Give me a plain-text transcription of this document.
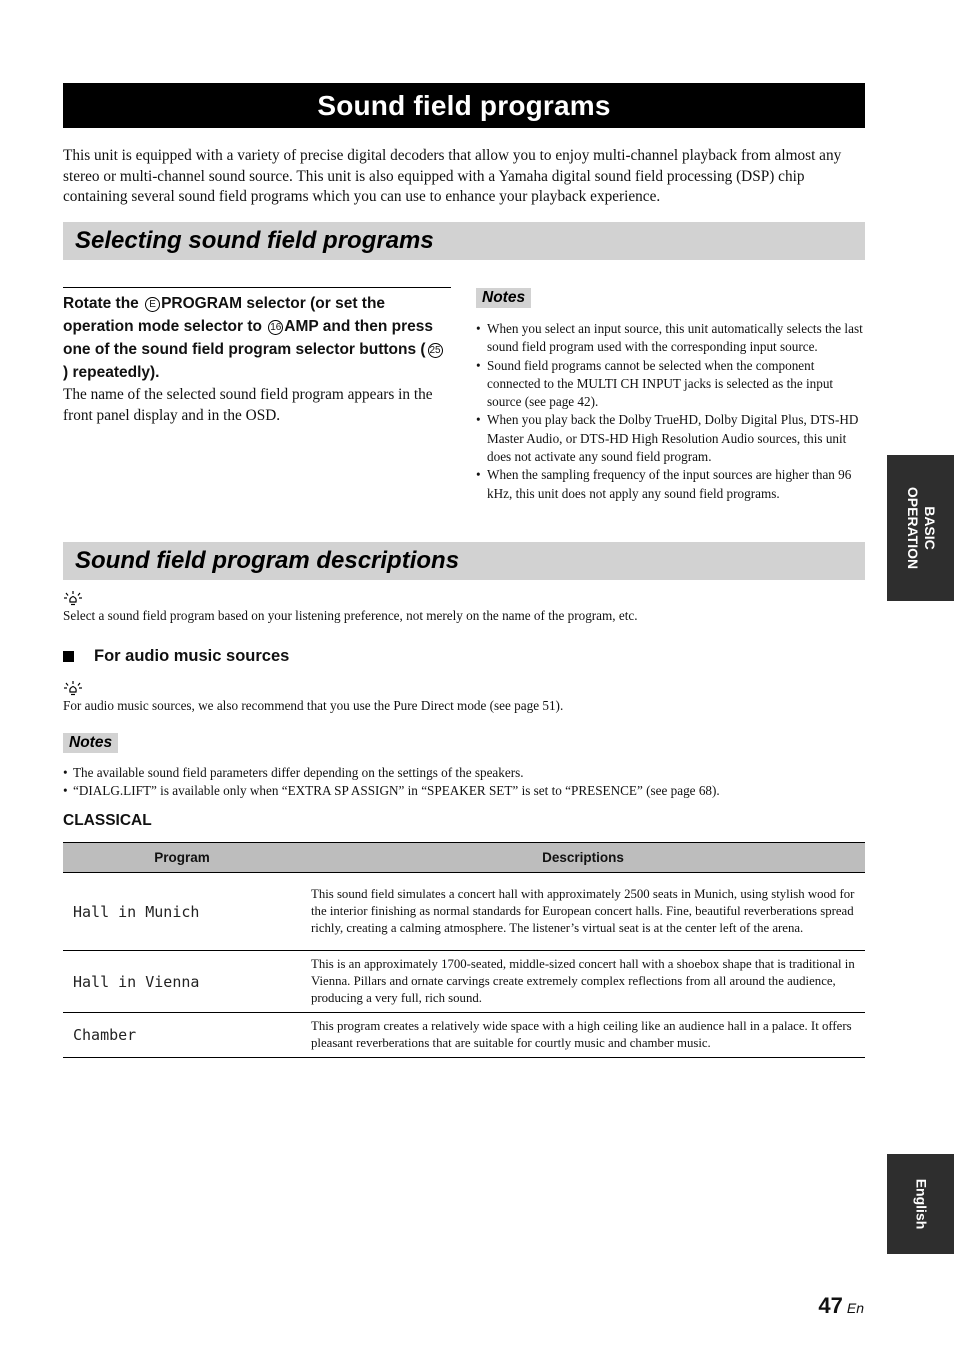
Sound field programs
This unit is equipped with a variety of precise digital decoders that allow you to enjoy multi-channel playback from almost any stereo or multi-channel sound source. This unit is also equipped with a Yamaha digital sound field processing (DSP) chip containing several sound field programs which you can use to enhance your playback experience.
Selecting sound field programs
Rotate the E PROGRAM selector (or set the operation mode selector to 16 AMP and then press one of the sound field program selector buttons ( 25) repeatedly).
The name of the selected sound field program appears in the front panel display and in the OSD.
Notes
• When you select an input source, this unit automatically selects the last sound field program used with the corresponding input source.
• Sound field programs cannot be selected when the component connected to the MULTI CH INPUT jacks is selected as the input source (see page 42).
• When you play back the Dolby TrueHD, Dolby Digital Plus, DTS-HD Master Audio, or DTS-HD High Resolution Audio sources, this unit does not activate any sound field program.
• When the sampling frequency of the input sources are higher than 96 kHz, this unit does not apply any sound field programs.
Sound field program descriptions
Select a sound field program based on your listening preference, not merely on the name of the program, etc.
For audio music sources
For audio music sources, we also recommend that you use the Pure Direct mode (see page 51).
Notes
• The available sound field parameters differ depending on the settings of the speakers.
• “DIALG.LIFT” is available only when “EXTRA SP ASSIGN” in “SPEAKER SET” is set to “PRESENCE” (see page 68).
CLASSICAL
Program	Descriptions
Hall in Munich	This sound field simulates a concert hall with approximately 2500 seats in Munich, using stylish wood for the interior finishing as normal standards for European concert halls. Fine, beautiful reverberations spread richly, creating a calming atmosphere. The listener’s virtual seat is at the center left of the arena.
Hall in Vienna	This is an approximately 1700-seated, middle-sized concert hall with a shoebox shape that is traditional in Vienna. Pillars and ornate carvings create extremely complex reflections from all around the audience, producing a very full, rich sound.
Chamber	This program creates a relatively wide space with a high ceiling like an audience hall in a palace. It offers pleasant reverberations that are suitable for courtly music and chamber music.
BASIC
OPERATION
English
47 En
